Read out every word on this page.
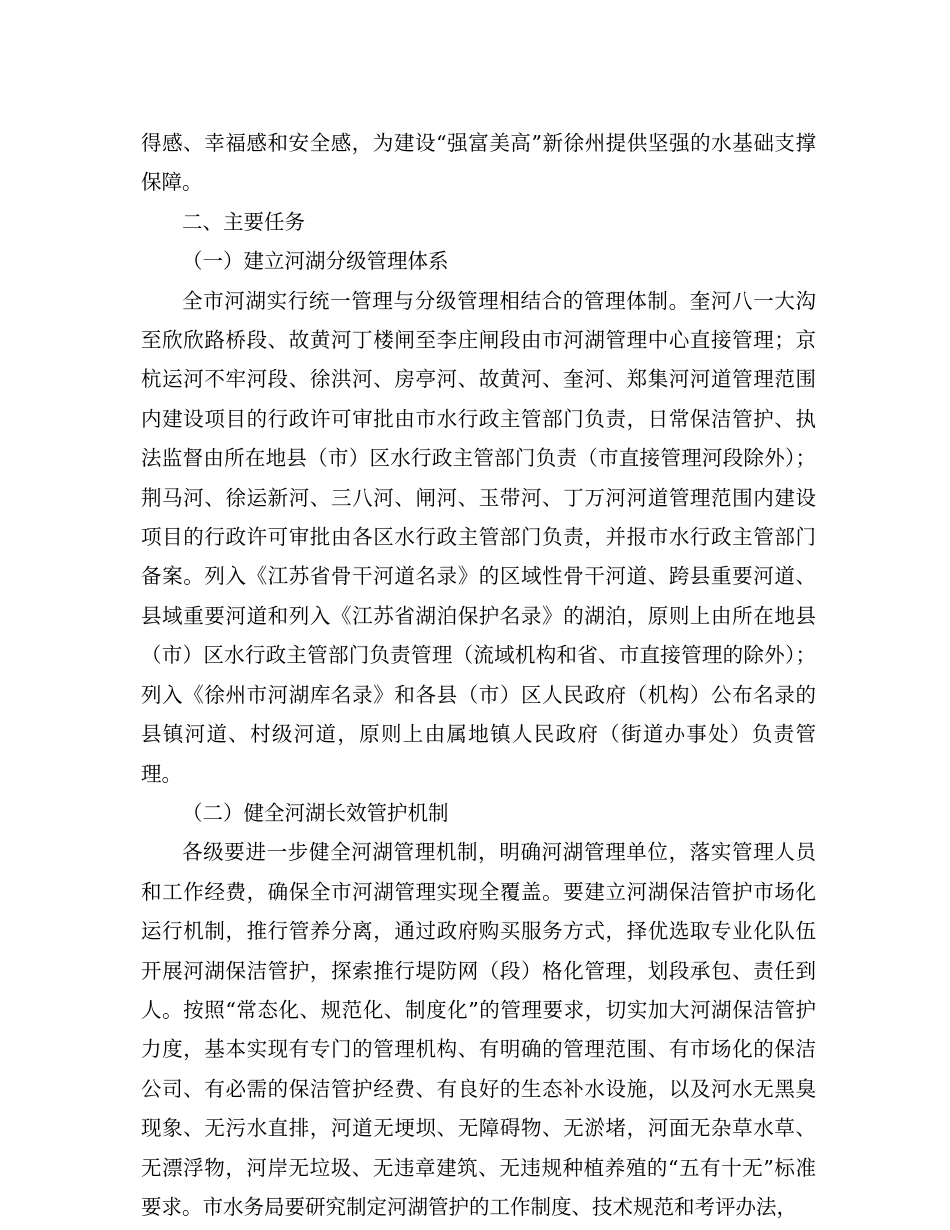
得感、幸福感和安全感，为建设“强富美高”新徐州提供坚强的水基础支撑保障。

二、主要任务

（一）建立河湖分级管理体系

全市河湖实行统一管理与分级管理相结合的管理体制。奎河八一大沟至欣欣路桥段、故黄河丁楼闸至李庄闸段由市河湖管理中心直接管理；京杭运河不牢河段、徐洪河、房亭河、故黄河、奎河、郑集河河道管理范围内建设项目的行政许可审批由市水行政主管部门负责，日常保洁管护、执法监督由所在地县（市）区水行政主管部门负责（市直接管理河段除外）；荆马河、徐运新河、三八河、闸河、玉带河、丁万河河道管理范围内建设项目的行政许可审批由各区水行政主管部门负责，并报市水行政主管部门备案。列入《江苏省骨干河道名录》的区域性骨干河道、跨县重要河道、县域重要河道和列入《江苏省湖泊保护名录》的湖泊，原则上由所在地县（市）区水行政主管部门负责管理（流域机构和省、市直接管理的除外）；列入《徐州市河湖库名录》和各县（市）区人民政府（机构）公布名录的县镇河道、村级河道，原则上由属地镇人民政府（街道办事处）负责管理。

（二）健全河湖长效管护机制

各级要进一步健全河湖管理机制，明确河湖管理单位，落实管理人员和工作经费，确保全市河湖管理实现全覆盖。要建立河湖保洁管护市场化运行机制，推行管养分离，通过政府购买服务方式，择优选取专业化队伍开展河湖保洁管护，探索推行堤防网（段）格化管理，划段承包、责任到人。按照“常态化、规范化、制度化”的管理要求，切实加大河湖保洁管护力度，基本实现有专门的管理机构、有明确的管理范围、有市场化的保洁公司、有必需的保洁管护经费、有良好的生态补水设施，以及河水无黑臭现象、无污水直排，河道无埂坝、无障碍物、无淤堵，河面无杂草水草、无漂浮物，河岸无垃圾、无违章建筑、无违规种植养殖的“五有十无”标准要求。市水务局要研究制定河湖管护的工作制度、技术规范和考评办法，
